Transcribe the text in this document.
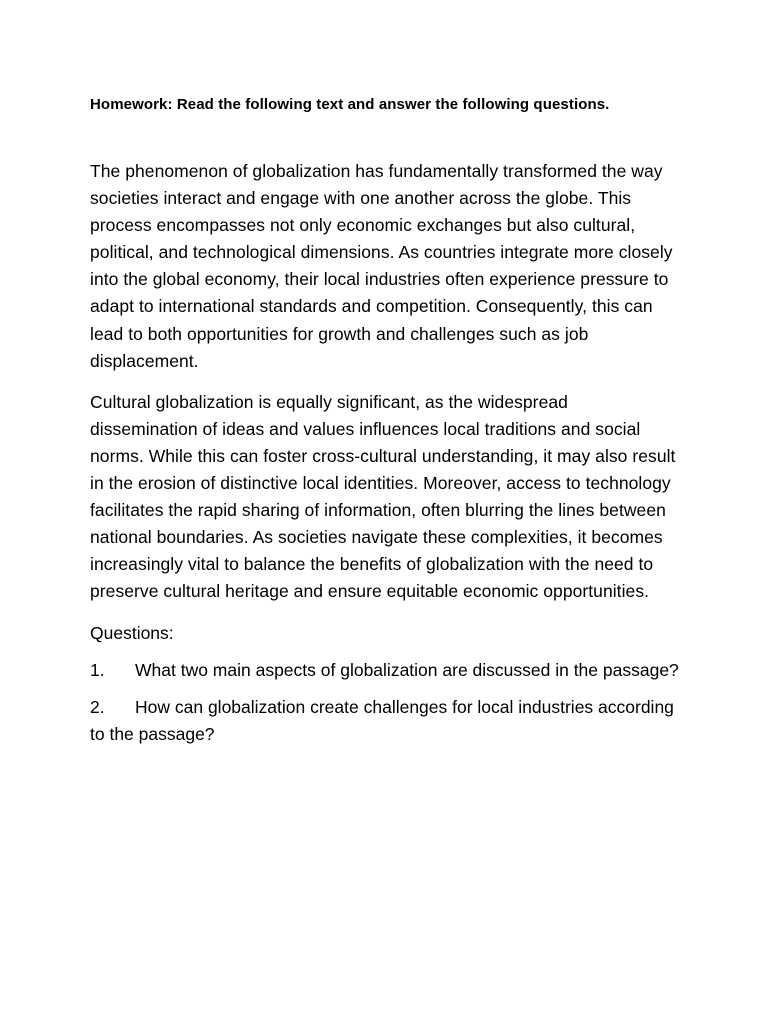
Homework: Read the following text and answer the following questions.

The phenomenon of globalization has fundamentally transformed the way societies interact and engage with one another across the globe. This process encompasses not only economic exchanges but also cultural, political, and technological dimensions. As countries integrate more closely into the global economy, their local industries often experience pressure to adapt to international standards and competition. Consequently, this can lead to both opportunities for growth and challenges such as job displacement.

Cultural globalization is equally significant, as the widespread dissemination of ideas and values influences local traditions and social norms. While this can foster cross-cultural understanding, it may also result in the erosion of distinctive local identities. Moreover, access to technology facilitates the rapid sharing of information, often blurring the lines between national boundaries. As societies navigate these complexities, it becomes increasingly vital to balance the benefits of globalization with the need to preserve cultural heritage and ensure equitable economic opportunities.

Questions:

1. What two main aspects of globalization are discussed in the passage?

2. How can globalization create challenges for local industries according to the passage?
